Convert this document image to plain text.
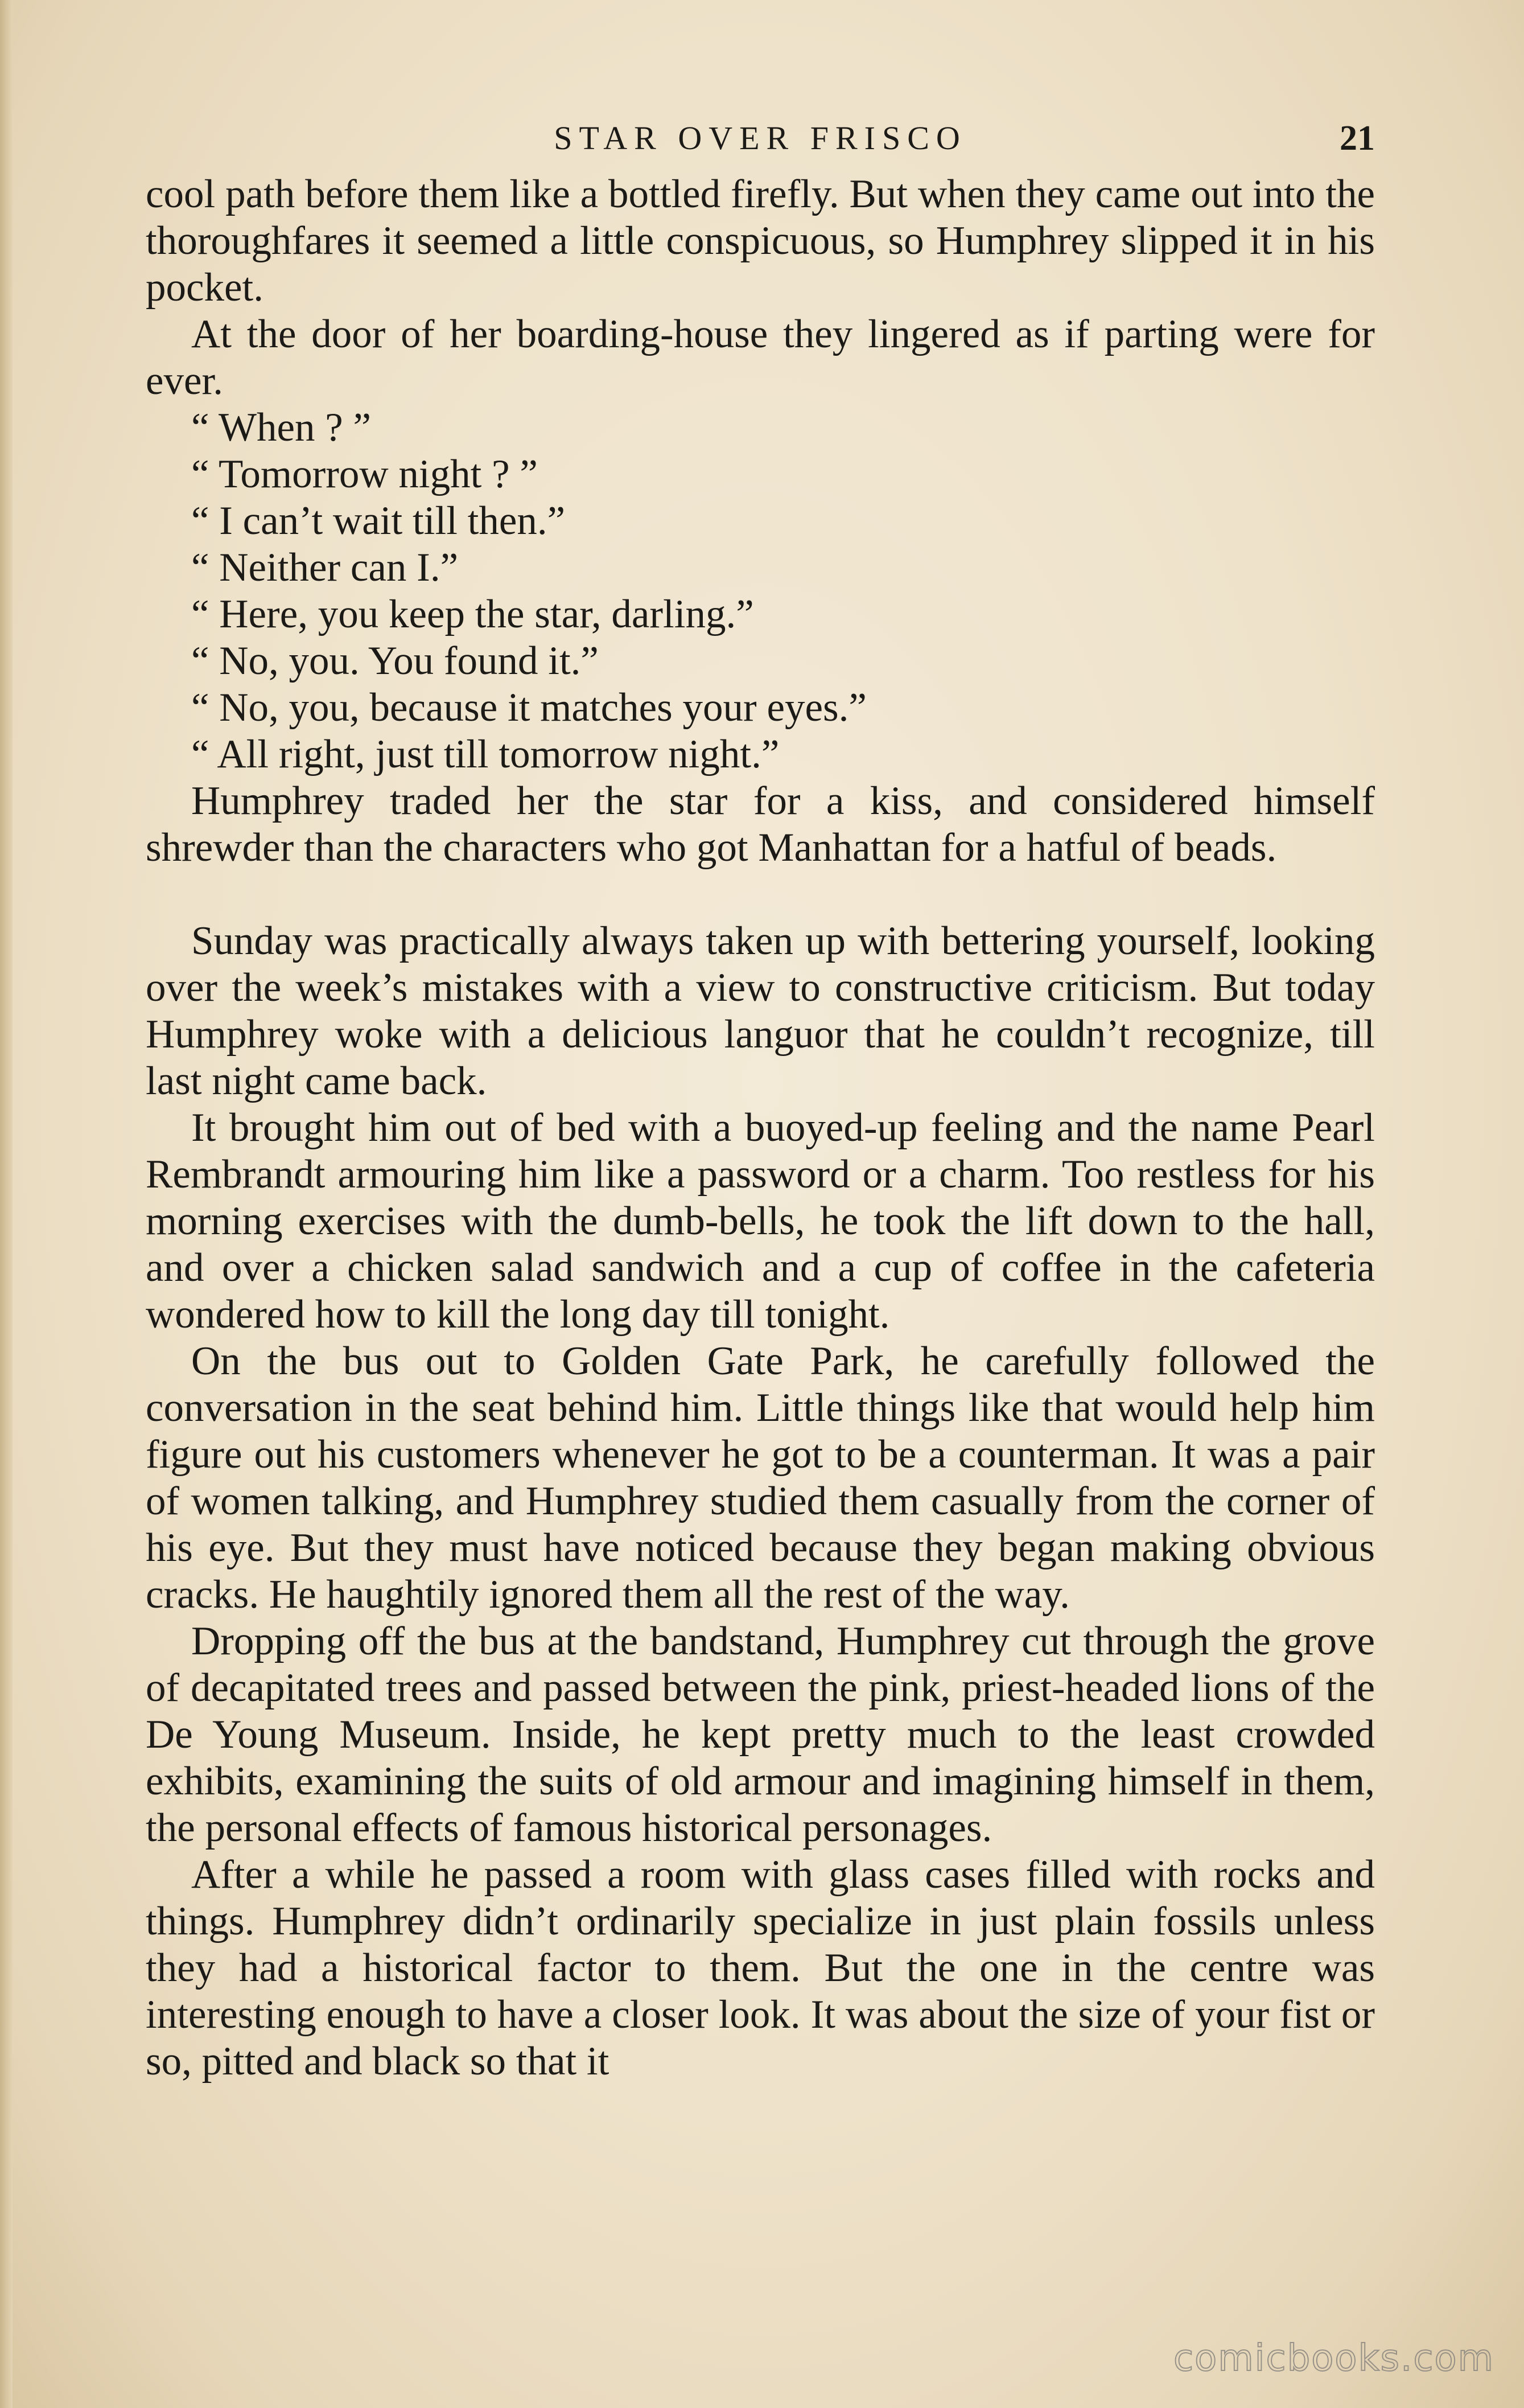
STAR OVER FRISCO	21

cool path before them like a bottled firefly. But when they came out into the thoroughfares it seemed a little conspicuous, so Humphrey slipped it in his pocket.

At the door of her boarding-house they lingered as if parting were for ever.

“ When ? ”

“ Tomorrow night ? ”

“ I can’t wait till then.”

“ Neither can I.”

“ Here, you keep the star, darling.”

“ No, you. You found it.”

“ No, you, because it matches your eyes.”

“ All right, just till tomorrow night.”

Humphrey traded her the star for a kiss, and considered himself shrewder than the characters who got Manhattan for a hatful of beads.

Sunday was practically always taken up with bettering yourself, looking over the week’s mistakes with a view to constructive criticism. But today Humphrey woke with a delicious languor that he couldn’t recognize, till last night came back.

It brought him out of bed with a buoyed-up feeling and the name Pearl Rembrandt armouring him like a password or a charm. Too restless for his morning exercises with the dumb-bells, he took the lift down to the hall, and over a chicken salad sandwich and a cup of coffee in the cafeteria wondered how to kill the long day till tonight.

On the bus out to Golden Gate Park, he carefully followed the conversation in the seat behind him. Little things like that would help him figure out his customers whenever he got to be a counterman. It was a pair of women talking, and Humphrey studied them casually from the corner of his eye. But they must have noticed because they began making obvious cracks. He haughtily ignored them all the rest of the way.

Dropping off the bus at the bandstand, Humphrey cut through the grove of decapitated trees and passed between the pink, priest-headed lions of the De Young Museum. Inside, he kept pretty much to the least crowded exhibits, examining the suits of old armour and imagining himself in them, the personal effects of famous historical personages.

After a while he passed a room with glass cases filled with rocks and things. Humphrey didn’t ordinarily specialize in just plain fossils unless they had a historical factor to them. But the one in the centre was interesting enough to have a closer look. It was about the size of your fist or so, pitted and black so that it

comicbooks.com
